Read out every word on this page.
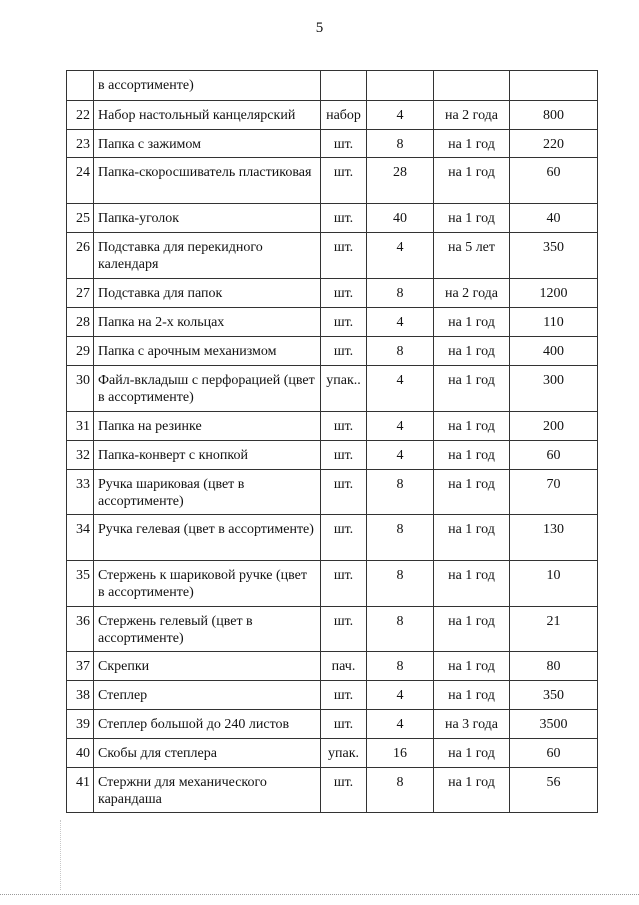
5
	в ассортименте)				
22	Набор настольный канцелярский	набор	4	на 2 года	800
23	Папка с зажимом	шт.	8	на 1 год	220
24	Папка-скоросшиватель пластиковая	шт.	28	на 1 год	60
25	Папка-уголок	шт.	40	на 1 год	40
26	Подставка для перекидного календаря	шт.	4	на 5 лет	350
27	Подставка для папок	шт.	8	на 2 года	1200
28	Папка на 2-х кольцах	шт.	4	на 1 год	110
29	Папка с арочным механизмом	шт.	8	на 1 год	400
30	Файл-вкладыш с перфорацией (цвет в ассортименте)	упак..	4	на 1 год	300
31	Папка на резинке	шт.	4	на 1 год	200
32	Папка-конверт с кнопкой	шт.	4	на 1 год	60
33	Ручка шариковая (цвет в ассортименте)	шт.	8	на 1 год	70
34	Ручка гелевая (цвет в ассортименте)	шт.	8	на 1 год	130
35	Стержень к шариковой ручке (цвет в ассортименте)	шт.	8	на 1 год	10
36	Стержень гелевый (цвет в ассортименте)	шт.	8	на 1 год	21
37	Скрепки	пач.	8	на 1 год	80
38	Степлер	шт.	4	на 1 год	350
39	Степлер большой до 240 листов	шт.	4	на 3 года	3500
40	Скобы для степлера	упак.	16	на 1 год	60
41	Стержни для механического карандаша	шт.	8	на 1 год	56
